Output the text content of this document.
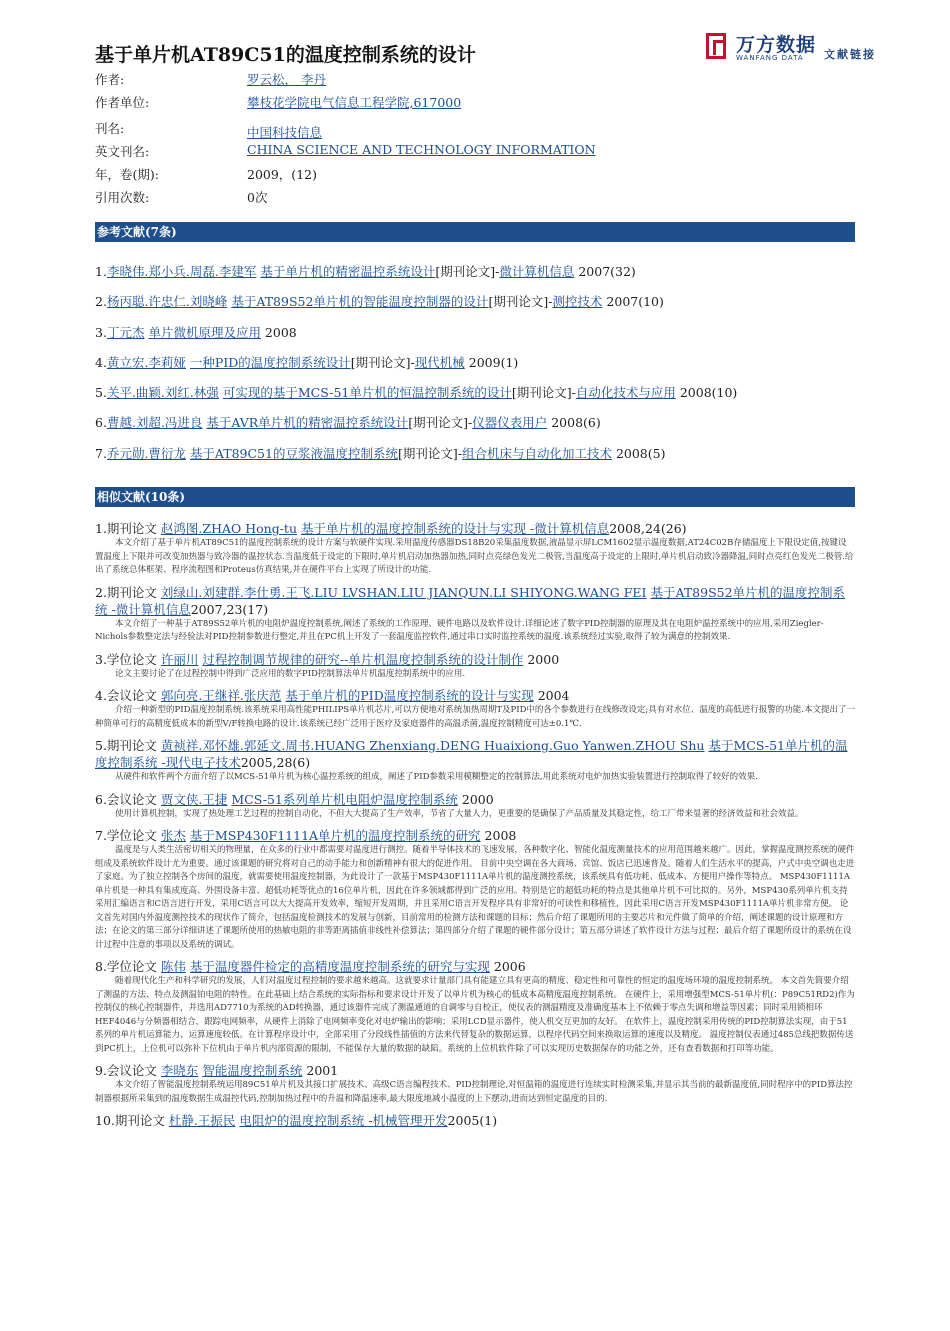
基于单片机AT89C51的温度控制系统的设计	万方数据
WANFANG DATA 文献链接
作者:	罗云松， 李丹
作者单位:	攀枝花学院电气信息工程学院,617000
刊名:	中国科技信息
英文刊名:	CHINA SCIENCE AND TECHNOLOGY INFORMATION
年，卷(期):	2009，(12)
引用次数:	0次
参考文献(7条)
1.李晓伟.郑小兵.周磊.李建军 基于单片机的精密温控系统设计[期刊论文]-微计算机信息 2007(32)
2.杨丙聪.许忠仁.刘晓峰 基于AT89S52单片机的智能温度控制器的设计[期刊论文]-测控技术 2007(10)
3.丁元杰 单片微机原理及应用 2008
4.黄立宏.李莉娅 一种PID的温度控制系统设计[期刊论文]-现代机械 2009(1)
5.关平.曲颖.刘红.林强 可实现的基于MCS-51单片机的恒温控制系统的设计[期刊论文]-自动化技术与应用 2008(10)
6.曹越.刘超.冯进良 基于AVR单片机的精密温控系统设计[期刊论文]-仪器仪表用户 2008(6)
7.乔元勋.曹衍龙 基于AT89C51的豆浆液温度控制系统[期刊论文]-组合机床与自动化加工技术 2008(5)
相似文献(10条)
1.期刊论文 赵鸿图.ZHAO Hong-tu 基于单片机的温度控制系统的设计与实现 -微计算机信息2008,24(26)
本文介绍了基于单片机AT89C51的温度控制系统的设计方案与软硬件实现.采用温度传感器DS18B20采集温度数据,液晶显示屏LCM1602显示温度数据,AT24C02B存储温度上下限设定值,按键设置温度上下限并可改变加热器与致冷器的温控状态.当温度低于设定的下限时,单片机启动加热器加热,同时点亮绿色发光二极管,当温度高于设定的上限时,单片机启动致冷器降温,同时点亮红色发光二极管.给出了系统总体框架、程序流程图和Proteus仿真结果,并在硬件平台上实现了所设计的功能.
2.期刊论文 刘绿山.刘建群.李仕勇.王飞.LIU LVSHAN.LIU JIANQUN.LI SHIYONG.WANG FEI 基于AT89S52单片机的温度控制系统 -微计算机信息2007,23(17)
本文介绍了一种基于AT89S52单片机的电阻炉温度控制系统,阐述了系统的工作原理、硬件电路以及软件设计.详细论述了数字PID控制器的原理及其在电阻炉温控系统中的应用,采用Ziegler-Nichols参数整定法与经验法对PID控制参数进行整定,并且在PC机上开发了一套温度监控软件,通过串口实时监控系统的温度.该系统经过实验,取得了较为满意的控制效果.
3.学位论文 许丽川 过程控制调节规律的研究--单片机温度控制系统的设计制作 2000
论文主要讨论了在过程控制中得到广泛应用的数字PID控制算法单片机温度控制系统中的应用.
4.会议论文 郭向亮.王继祥.张庆范 基于单片机的PID温度控制系统的设计与实现 2004
介绍一种新型的PID温度控制系统.该系统采用高性能PHILIPS单片机芯片,可以方便地对系统加热周期T及PID中的各个参数进行在线修改设定;具有对水位、温度的高低进行报警的功能.本文提出了一种简单可行的高精度低成本的新型V/F转换电路的设计.该系统已经广泛用于医疗及家庭器件的高温杀菌,温度控制精度可达±0.1℃.
5.期刊论文 黄祯祥.邓怀雄.郭延文.周书.HUANG Zhenxiang.DENG Huaixiong.Guo Yanwen.ZHOU Shu 基于MCS-51单片机的温度控制系统 -现代电子技术2005,28(6)
从硬件和软件两个方面介绍了以MCS-51单片机为核心温控系统的组成，阐述了PID参数采用模糊整定的控制算法,用此系统对电炉加热实验装置进行控制取得了较好的效果.
6.会议论文 贾文侠.王捷 MCS-51系列单片机电阻炉温度控制系统 2000
使用计算机控制，实现了热处理工艺过程的控制自动化，不但大大提高了生产效率，节省了大量人力，更重要的是确保了产品质量及其稳定性，给工厂带来显著的经济效益和社会效益。
7.学位论文 张杰 基于MSP430F1111A单片机的温度控制系统的研究 2008
温度是与人类生活密切相关的物理量，在众多的行业中都需要对温度进行测控。随着半导体技术的飞速发展，各种数字化、智能化温度测量技术的应用范围越来越广。因此，掌握温度测控系统的硬件组成及系统软件设计尤为重要。通过该课题的研究将对自己的动手能力和创新精神有很大的促进作用。 目前中央空调在各大商场、宾馆、饭店已迅速普及。随着人们生活水平的提高，户式中央空调也走进了家庭。为了独立控制各个房间的温度，就需要使用温度控制器，为此设计了一款基于MSP430F1111A单片机的温度测控系统，该系统具有低功耗、低成本、方便用户操作等特点。 MSP430F1111A单片机是一种具有集成度高、外围设备丰富、超低功耗等优点的16位单片机，因此在许多领域都得到广泛的应用。特别是它的超低功耗的特点是其他单片机不可比拟的。另外，MSP430系列单片机支持采用汇编语言和C语言进行开发，采用C语言可以大大提高开发效率，缩短开发周期，并且采用C语言开发程序具有非常好的可读性和移植性，因此采用C语言开发MSP430F1111A单片机非常方便。 论文首先对国内外温度测控技术的现状作了简介，包括温度检测技术的发展与创新，目前常用的检测方法和课题的目标；然后介绍了课题所用的主要芯片和元件做了简单的介绍，阐述课题的设计原理和方法；在论文的第三部分详细讲述了课题所使用的热敏电阻的非等距离插值非线性补偿算法；第四部分介绍了课题的硬件部分设计；第五部分讲述了软件设计方法与过程；最后介绍了课题所设计的系统在设计过程中注意的事项以及系统的调试。
8.学位论文 陈伟 基于温度器件检定的高精度温度控制系统的研究与实现 2006
随着现代化生产和科学研究的发展，人们对温度过程控制的要求越来越高。这就要求计量部门具有能建立具有更高的精度、稳定性和可靠性的恒定的温度场环境的温度控制系统。 本文首先简要介绍了测温的方法、特点及测温铂电阻的特性。在此基础上结合系统的实际指标和要求设计开发了以单片机为核心的低成本高精度温度控制系统。 在硬件上，采用增强型MCS-51单片机(：P89C51RD2)作为控制仪的核心控制器件，并选用AD7710为系统的AD转换器，通过该器件完成了测温通道的自调零与自校正，使仪表的测温精度及准确度基本上不依赖于零点失调和增益等因素；同时采用锁相环HEF4046与分频器相结合，跟踪电网频率，从硬件上消除了电网频率变化对电炉输出的影响；采用LCD显示器件，使人机交互更加的友好。 在软件上，温度控制采用传统的PID控制算法实现，由于51系列的单片机运算能力、运算速度较低。在计算程序设计中，全部采用了分段线性插值的方法来代替复杂的数据运算，以程序代码空间来换取运算的速度以及精度。 温度控制仪表通过485总线把数据传送到PC机上，上位机可以弥补下位机由于单片机内部资源的限制，不能保存大量的数据的缺陷。系统的上位机软件除了可以实现历史数据保存的功能之外，还有查看数据和打印等功能。
9.会议论文 李晓东 智能温度控制系统 2001
本文介绍了智能温度控制系统运用89C51单片机及其接口扩展技术、高级C语言编程技术、PID控制理论,对恒温箱的温度进行连续实时检测采集,并显示其当前的最新温度值,同时程序中的PID算法控制器根据所采集到的温度数据生成温控代码,控制加热过程中的升温和降温速率,最大限度地减小温度的上下摆动,进而达到恒定温度的目的.
10.期刊论文 杜静.王振民 电阻炉的温度控制系统 -机械管理开发2005(1)
